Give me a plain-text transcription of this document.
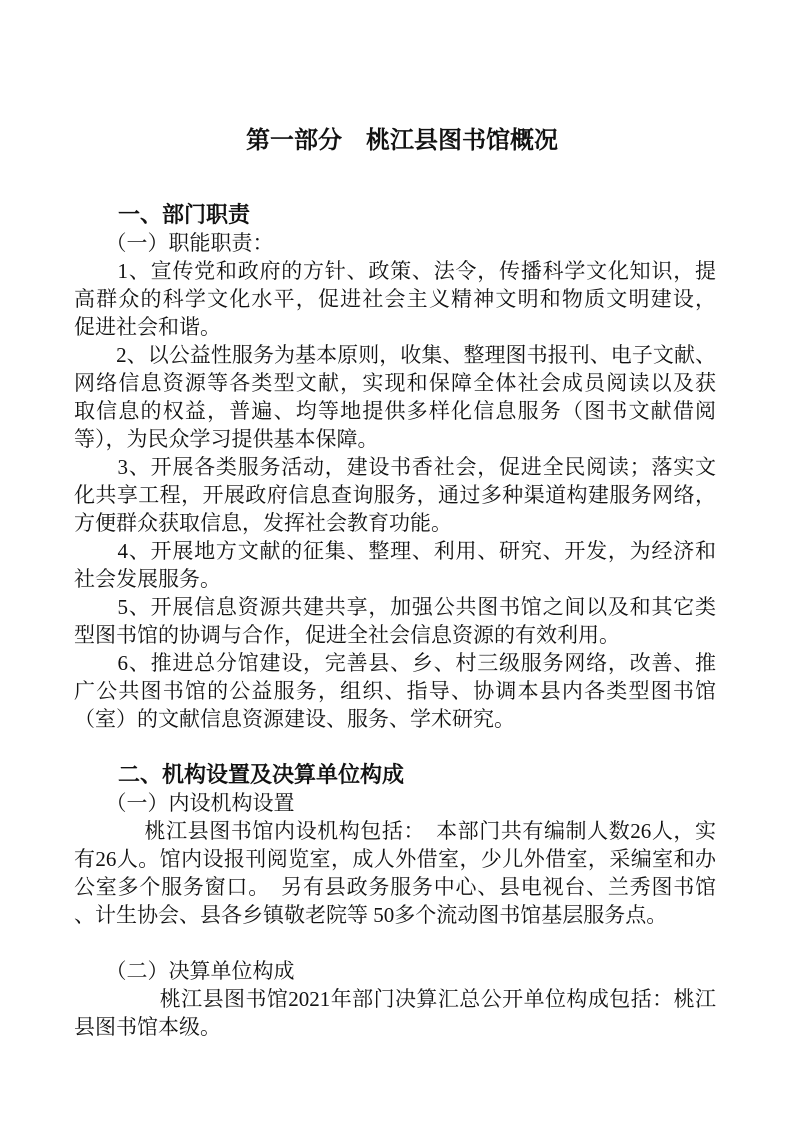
第一部分　桃江县图书馆概况
　　一、部门职责
　　（一）职能职责：
　　1、宣传党和政府的方针、政策、法令，传播科学文化知识，提
高群众的科学文化水平，促进社会主义精神文明和物质文明建设，
促进社会和谐。
　　2、以公益性服务为基本原则，收集、整理图书报刊、电子文献、
网络信息资源等各类型文献，实现和保障全体社会成员阅读以及获
取信息的权益，普遍、均等地提供多样化信息服务（图书文献借阅
等），为民众学习提供基本保障。
　　3、开展各类服务活动，建设书香社会，促进全民阅读；落实文
化共享工程，开展政府信息查询服务，通过多种渠道构建服务网络，
方便群众获取信息，发挥社会教育功能。
　　4、开展地方文献的征集、整理、利用、研究、开发，为经济和
社会发展服务。
　　5、开展信息资源共建共享，加强公共图书馆之间以及和其它类
型图书馆的协调与合作，促进全社会信息资源的有效利用。
　　6、推进总分馆建设，完善县、乡、村三级服务网络，改善、推
广公共图书馆的公益服务，组织、指导、协调本县内各类型图书馆
（室）的文献信息资源建设、服务、学术研究。
　　二、机构设置及决算单位构成
　　（一）内设机构设置
　　　 桃江县图书馆内设机构包括：　本部门共有编制人数26人，实
有26人。馆内设报刊阅览室，成人外借室，少儿外借室，采编室和办
公室多个服务窗口。　另有县政务服务中心、县电视台、兰秀图书馆
、计生协会、县各乡镇敬老院等 50多个流动图书馆基层服务点。
　　（二）决算单位构成
　　　　桃江县图书馆2021年部门决算汇总公开单位构成包括：桃江
县图书馆本级。
